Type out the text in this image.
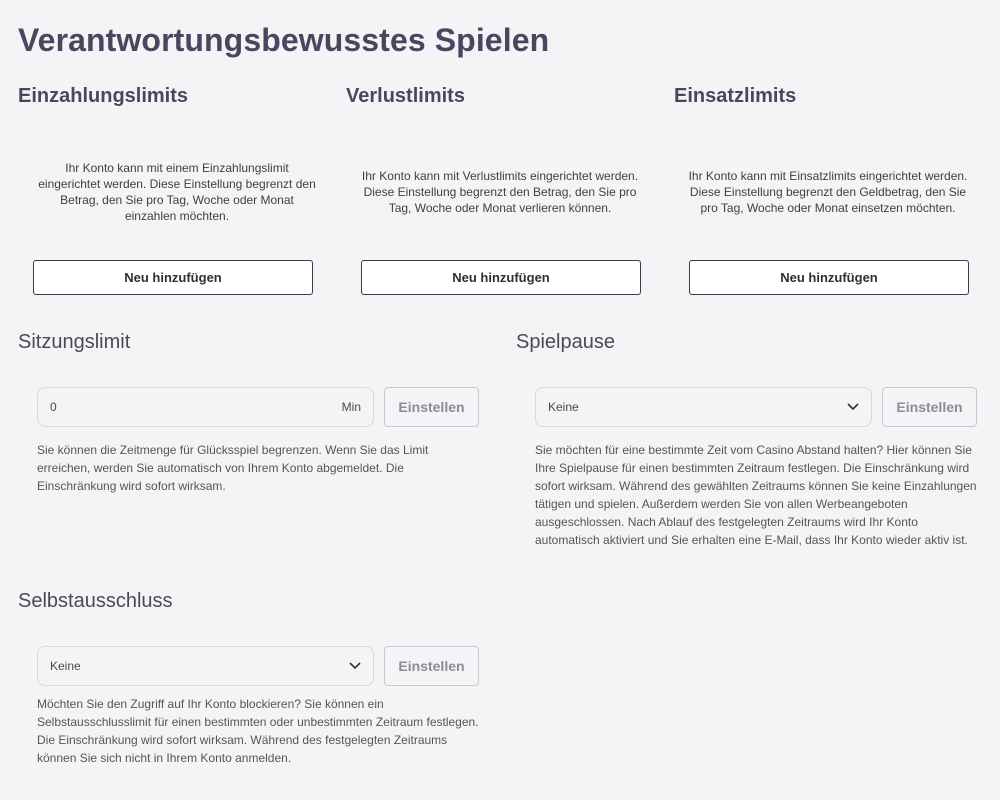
Verantwortungsbewusstes Spielen
Einzahlungslimits

Ihr Konto kann mit einem Einzahlungslimit eingerichtet werden. Diese Einstellung begrenzt den Betrag, den Sie pro Tag, Woche oder Monat einzahlen möchten.

Neu hinzufügen
Verlustlimits

Ihr Konto kann mit Verlustlimits eingerichtet werden. Diese Einstellung begrenzt den Betrag, den Sie pro Tag, Woche oder Monat verlieren können.

Neu hinzufügen
Einsatzlimits

Ihr Konto kann mit Einsatzlimits eingerichtet werden. Diese Einstellung begrenzt den Geldbetrag, den Sie pro Tag, Woche oder Monat einsetzen möchten.

Neu hinzufügen
Sitzungslimit
0	Min	Einstellen

Sie können die Zeitmenge für Glücksspiel begrenzen. Wenn Sie das Limit erreichen, werden Sie automatisch von Ihrem Konto abgemeldet. Die Einschränkung wird sofort wirksam.

Spielpause
Keine	Einstellen

Sie möchten für eine bestimmte Zeit vom Casino Abstand halten? Hier können Sie Ihre Spielpause für einen bestimmten Zeitraum festlegen. Die Einschränkung wird sofort wirksam. Während des gewählten Zeitraums können Sie keine Einzahlungen tätigen und spielen. Außerdem werden Sie von allen Werbeangeboten ausgeschlossen. Nach Ablauf des festgelegten Zeitraums wird Ihr Konto automatisch aktiviert und Sie erhalten eine E-Mail, dass Ihr Konto wieder aktiv ist.

Selbstausschluss
Keine	Einstellen

Möchten Sie den Zugriff auf Ihr Konto blockieren? Sie können ein Selbstausschlusslimit für einen bestimmten oder unbestimmten Zeitraum festlegen. Die Einschränkung wird sofort wirksam. Während des festgelegten Zeitraums können Sie sich nicht in Ihrem Konto anmelden.
